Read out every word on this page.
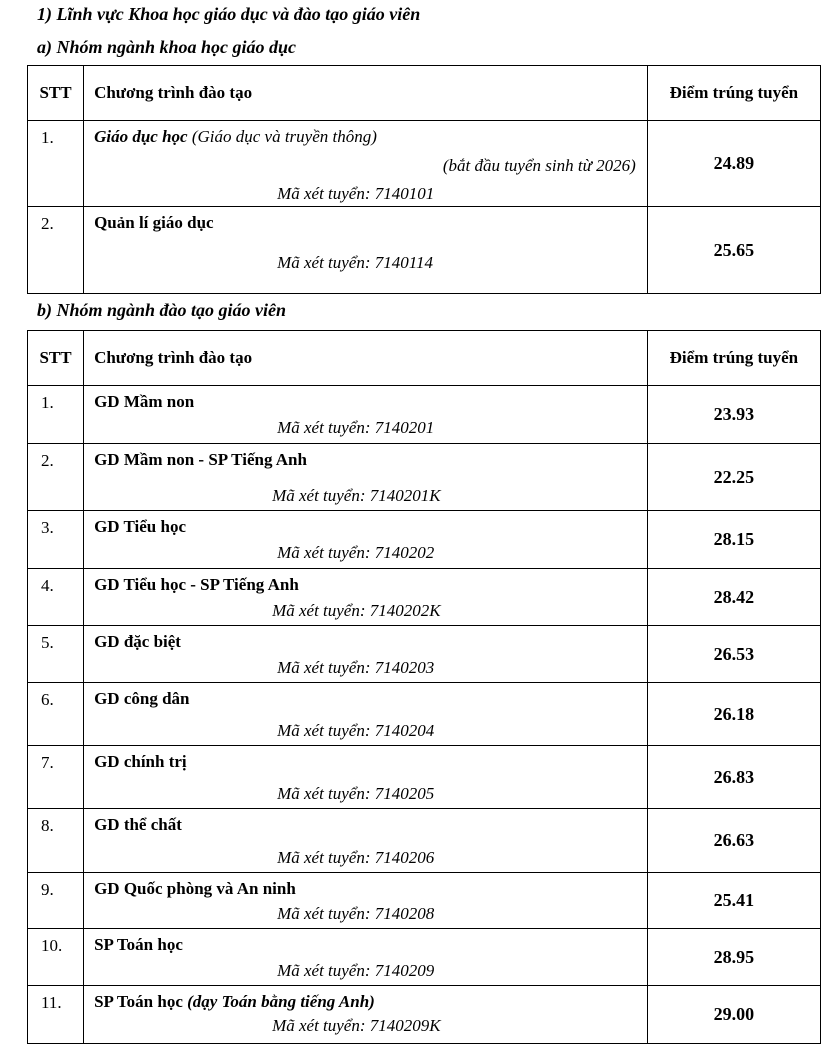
1) Lĩnh vực Khoa học giáo dục và đào tạo giáo viên
a) Nhóm ngành khoa học giáo dục
STT	Chương trình đào tạo	Điểm trúng tuyển
1.	Giáo dục học (Giáo dục và truyền thông)
(bắt đầu tuyển sinh từ 2026)
Mã xét tuyển: 7140101	24.89
2.	Quản lí giáo dục
Mã xét tuyển: 7140114	25.65
b) Nhóm ngành đào tạo giáo viên
STT	Chương trình đào tạo	Điểm trúng tuyển
1.	GD Mầm non
Mã xét tuyển: 7140201	23.93
2.	GD Mầm non - SP Tiếng Anh
Mã xét tuyển: 7140201K	22.25
3.	GD Tiểu học
Mã xét tuyển: 7140202	28.15
4.	GD Tiểu học - SP Tiếng Anh
Mã xét tuyển: 7140202K	28.42
5.	GD đặc biệt
Mã xét tuyển: 7140203	26.53
6.	GD công dân
Mã xét tuyển: 7140204	26.18
7.	GD chính trị
Mã xét tuyển: 7140205	26.83
8.	GD thể chất
Mã xét tuyển: 7140206	26.63
9.	GD Quốc phòng và An ninh
Mã xét tuyển: 7140208	25.41
10.	SP Toán học
Mã xét tuyển: 7140209	28.95
11.	SP Toán học (dạy Toán bằng tiếng Anh)
Mã xét tuyển: 7140209K	29.00
